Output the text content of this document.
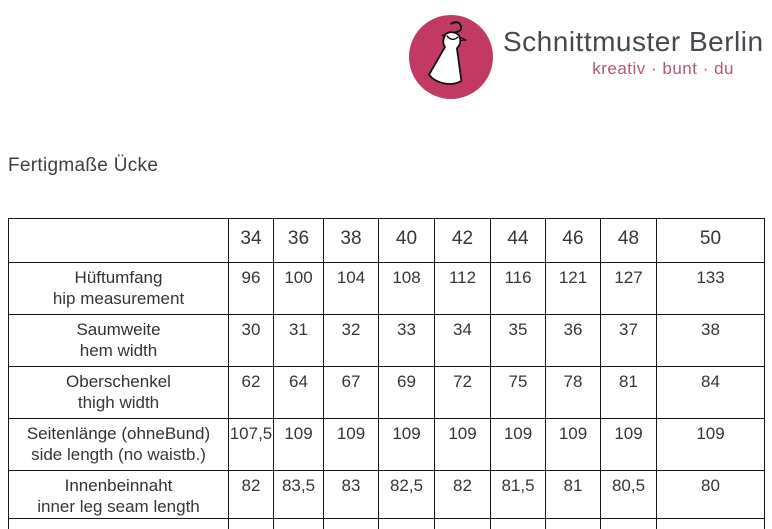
Schnittmuster Berlin
kreativ · bunt · du
Fertigmaße Ücke
	34	36	38	40	42	44	46	48	50

Hüftumfang
hip measurement	96	100	104	108	112	116	121	127	133

Saumweite
hem width	30	31	32	33	34	35	36	37	38

Oberschenkel
thigh width	62	64	67	69	72	75	78	81	84

Seitenlänge (ohneBund)
side length (no waistb.)	107,5	109	109	109	109	109	109	109	109

Innenbeinnaht
inner leg seam length	82	83,5	83	82,5	82	81,5	81	80,5	80
